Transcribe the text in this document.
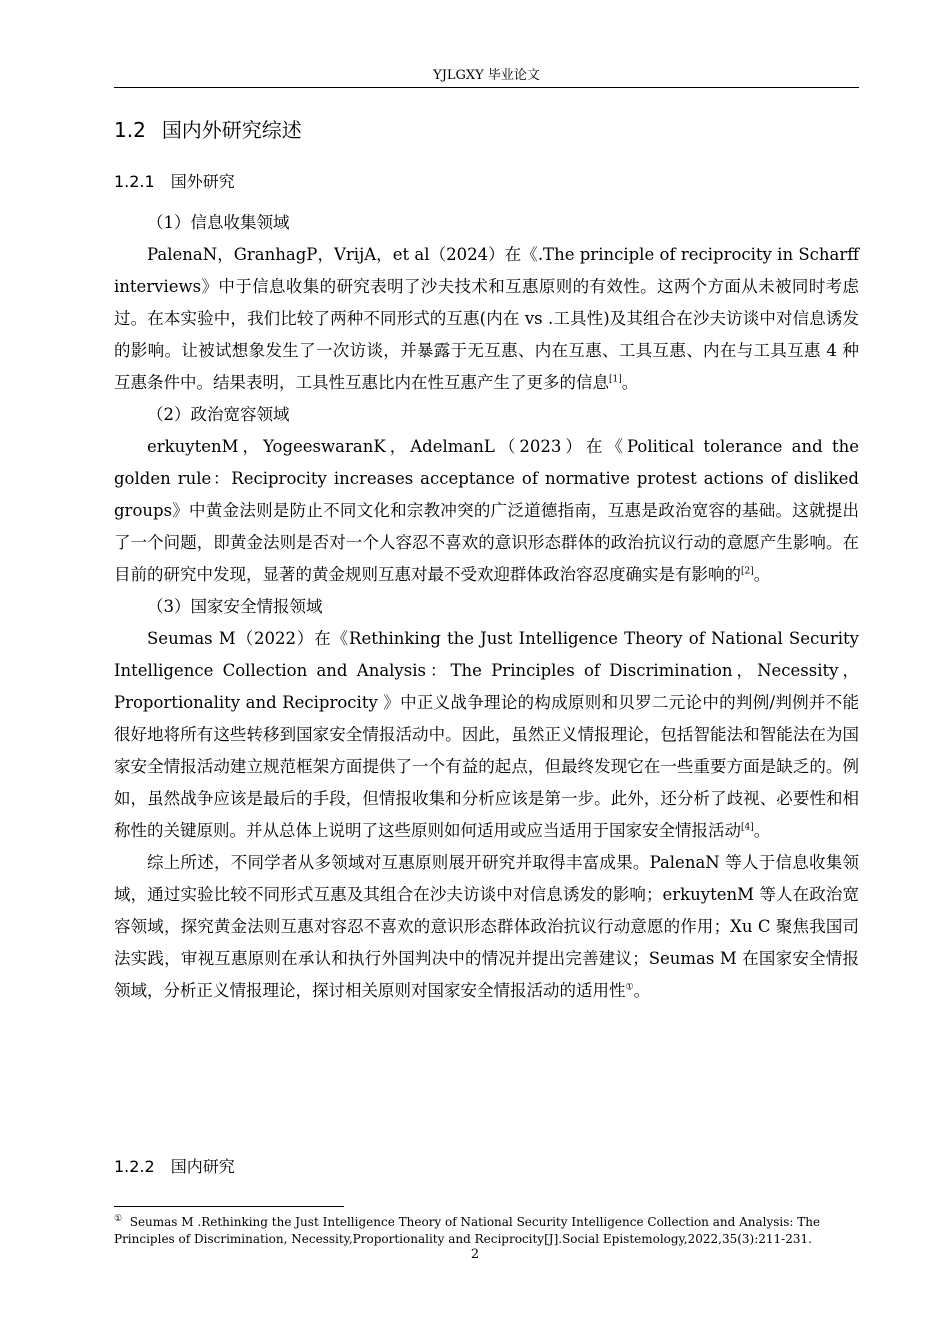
YJLGXY 毕业论文
1.2 国内外研究综述
1.2.1 国外研究

（1）信息收集领域

PalenaN，GranhagP，VrijA，et al（2024）在《.The principle of reciprocity in Scharff interviews》中于信息收集的研究表明了沙夫技术和互惠原则的有效性。这两个方面从未被同时考虑过。在本实验中，我们比较了两种不同形式的互惠(内在 vs .工具性)及其组合在沙夫访谈中对信息诱发的影响。让被试想象发生了一次访谈，并暴露于无互惠、内在互惠、工具互惠、内在与工具互惠 4 种互惠条件中。结果表明，工具性互惠比内在性互惠产生了更多的信息[1]。

（2）政治宽容领域

erkuytenM，YogeeswaranK，AdelmanL（2023）在《Political tolerance and the golden rule：Reciprocity increases acceptance of normative protest actions of disliked groups》中黄金法则是防止不同文化和宗教冲突的广泛道德指南，互惠是政治宽容的基础。这就提出了一个问题，即黄金法则是否对一个人容忍不喜欢的意识形态群体的政治抗议行动的意愿产生影响。在目前的研究中发现，显著的黄金规则互惠对最不受欢迎群体政治容忍度确实是有影响的[2]。

（3）国家安全情报领域

Seumas M（2022）在《Rethinking the Just Intelligence Theory of National Security Intelligence Collection and Analysis：The Principles of Discrimination，Necessity，Proportionality and Reciprocity 》中正义战争理论的构成原则和贝罗二元论中的判例/判例并不能很好地将所有这些转移到国家安全情报活动中。因此，虽然正义情报理论，包括智能法和智能法在为国家安全情报活动建立规范框架方面提供了一个有益的起点，但最终发现它在一些重要方面是缺乏的。例如，虽然战争应该是最后的手段，但情报收集和分析应该是第一步。此外，还分析了歧视、必要性和相称性的关键原则。并从总体上说明了这些原则如何适用或应当适用于国家安全情报活动[4]。

综上所述，不同学者从多领域对互惠原则展开研究并取得丰富成果。PalenaN 等人于信息收集领域，通过实验比较不同形式互惠及其组合在沙夫访谈中对信息诱发的影响；erkuytenM 等人在政治宽容领域，探究黄金法则互惠对容忍不喜欢的意识形态群体政治抗议行动意愿的作用；Xu C 聚焦我国司法实践，审视互惠原则在承认和执行外国判决中的情况并提出完善建议；Seumas M 在国家安全情报领域，分析正义情报理论，探讨相关原则对国家安全情报活动的适用性①。

1.2.2 国内研究
① Seumas M .Rethinking the Just Intelligence Theory of National Security Intelligence Collection and Analysis: The Principles of Discrimination, Necessity,Proportionality and Reciprocity[J].Social Epistemology,2022,35(3):211-231.
2
